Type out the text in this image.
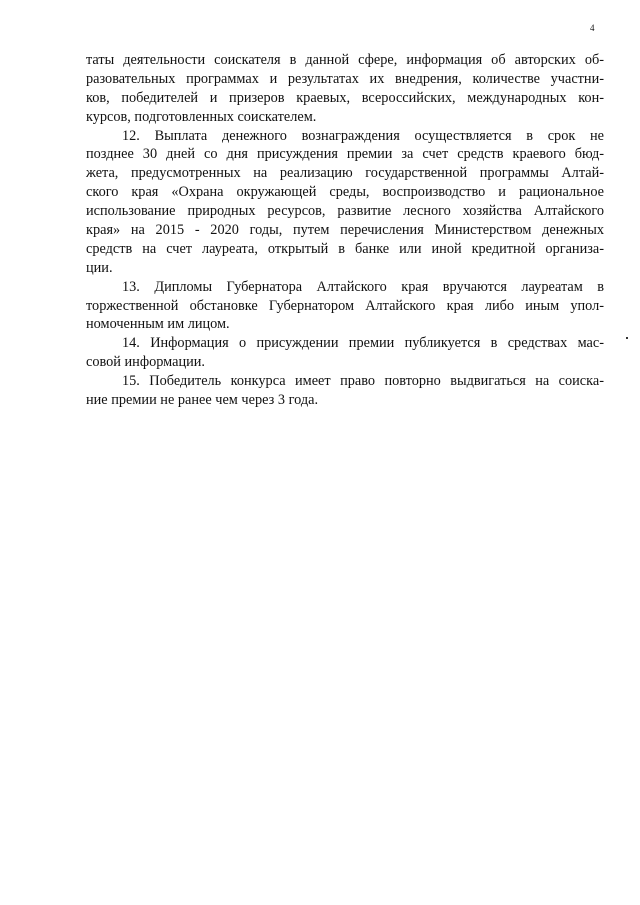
4
таты деятельности соискателя в данной сфере, информация об авторских об-
разовательных программах и результатах их внедрения, количестве участни-
ков, победителей и призеров краевых, всероссийских, международных кон-
курсов, подготовленных соискателем.
12. Выплата денежного вознаграждения осуществляется в срок не
позднее 30 дней со дня присуждения премии за счет средств краевого бюд-
жета, предусмотренных на реализацию государственной программы Алтай-
ского края «Охрана окружающей среды, воспроизводство и рациональное
использование природных ресурсов, развитие лесного хозяйства Алтайского
края» на 2015 - 2020 годы, путем перечисления Министерством денежных
средств на счет лауреата, открытый в банке или иной кредитной организа-
ции.
13. Дипломы Губернатора Алтайского края вручаются лауреатам в
торжественной обстановке Губернатором Алтайского края либо иным упол-
номоченным им лицом.
14. Информация о присуждении премии публикуется в средствах мас-
совой информации.
15. Победитель конкурса имеет право повторно выдвигаться на соиска-
ние премии не ранее чем через 3 года.
